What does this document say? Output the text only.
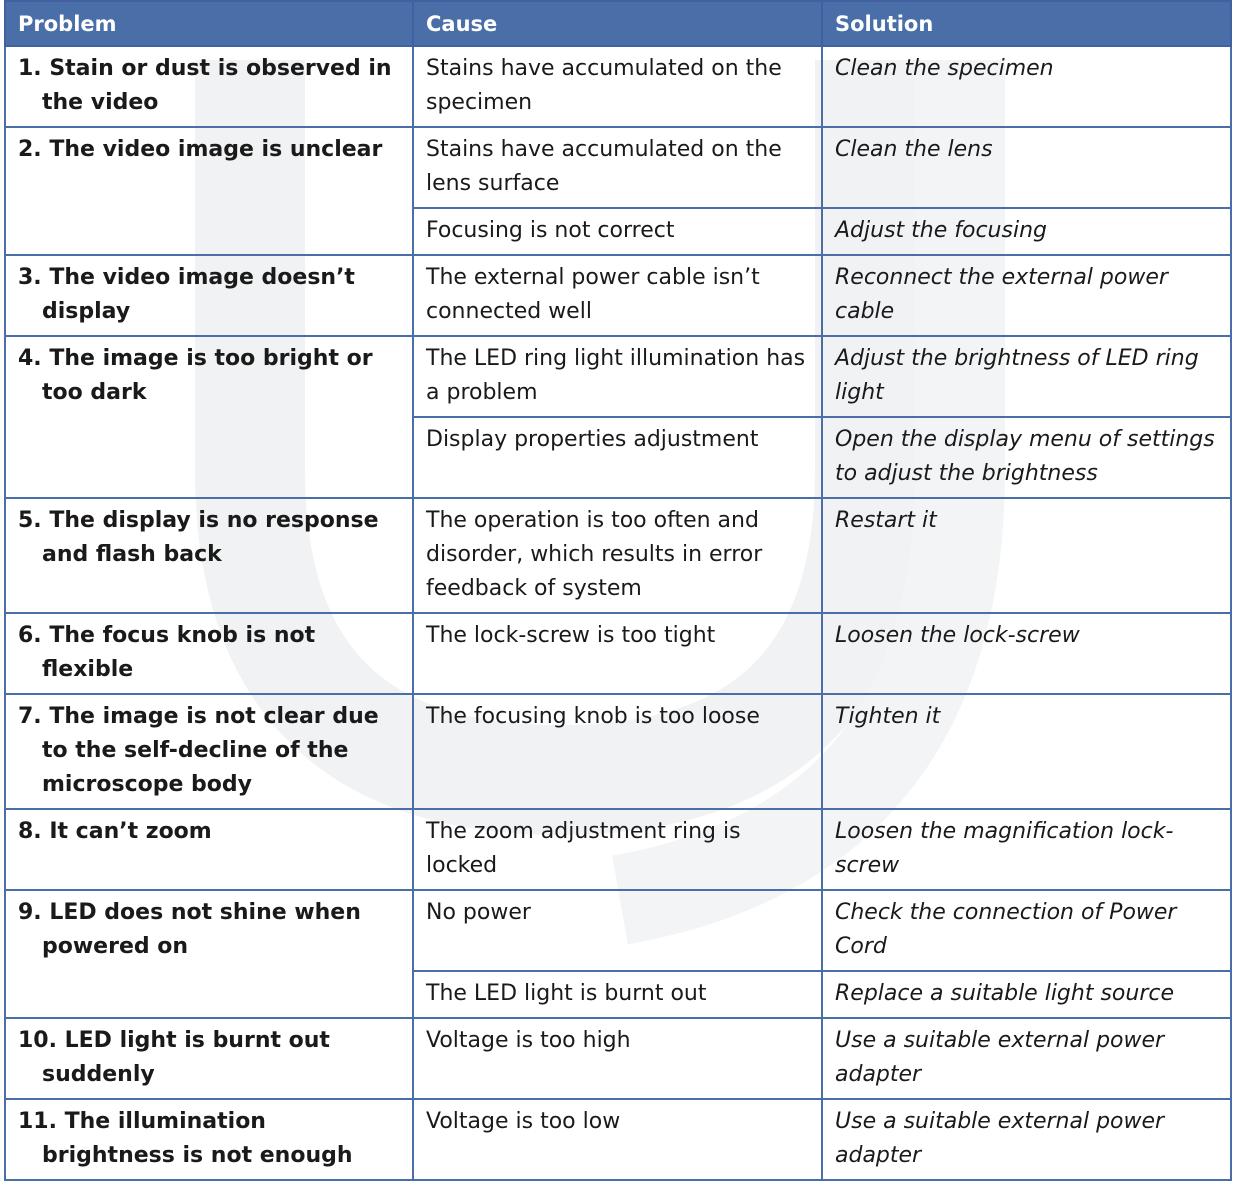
Problem	Cause	Solution

1. Stain or dust is observed in the video	Stains have accumulated on the specimen	Clean the specimen

2. The video image is unclear	Stains have accumulated on the lens surface	Clean the lens
	Focusing is not correct	Adjust the focusing

3. The video image doesn’t display	The external power cable isn’t connected well	Reconnect the external power cable

4. The image is too bright or too dark	The LED ring light illumination has a problem	Adjust the brightness of LED ring light
	Display properties adjustment	Open the display menu of settings to adjust the brightness

5. The display is no response and flash back	The operation is too often and disorder, which results in error feedback of system	Restart it

6. The focus knob is not flexible	The lock-screw is too tight	Loosen the lock-screw

7. The image is not clear due to the self-decline of the microscope body	The focusing knob is too loose	Tighten it

8. It can’t zoom	The zoom adjustment ring is locked	Loosen the magnification lock-screw

9. LED does not shine when powered on	No power	Check the connection of Power Cord
	The LED light is burnt out	Replace a suitable light source

10. LED light is burnt out suddenly	Voltage is too high	Use a suitable external power adapter

11. The illumination brightness is not enough	Voltage is too low	Use a suitable external power adapter
